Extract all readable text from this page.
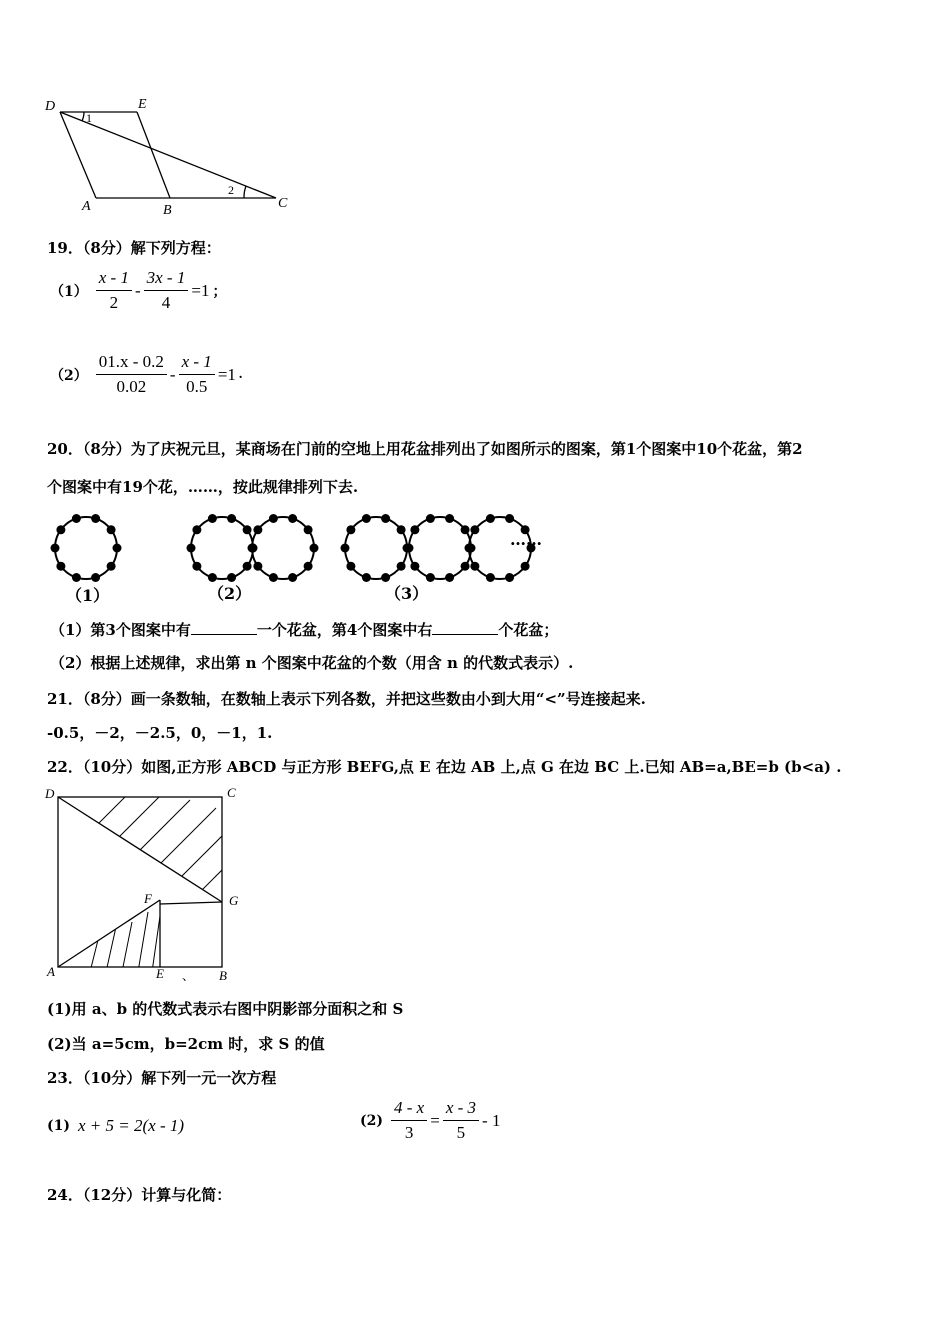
D	E
A	B	C
1
2
19．（8分）解下列方程：
$(1) \frac{x - 1}{2} - \frac{3x - 1}{4} =1$ ；
$(2) \frac{01.x - 0.2}{0.02} - \frac{x - 1}{0.5} =1$ .
20．（8分）为了庆祝元旦，某商场在门前的空地上用花盆排列出了如图所示的图案，第1个图案中10个花盆，第2
个图案中有19个花，……，按此规律排列下去.
……
（1）	（2）	（3）
（1）第3个图案中有	一个花盆，第4个图案中右	个花盆；
（2）根据上述规律，求出第 n 个图案中花盆的个数（用含 n 的代数式表示）.
21．（8分）画一条数轴，在数轴上表示下列各数，并把这些数由小到大用“<”号连接起来.
-0.5，－2，－2.5，0，－1，1.
22．（10分）如图,正方形 ABCD 与正方形 BEFG,点 E 在边 AB 上,点 G 在边 BC 上.已知 AB=a,BE=b (b<a) .
D	C
F	G
A	E	B
、
(1)用 a、b 的代数式表示右图中阴影部分面积之和 S
(2)当 a=5cm，b=2cm 时，求 S 的值
23．（10分）解下列一元一次方程
(1) x + 5 = 2(x - 1)	$(2) \frac{4 - x}{3} = \frac{x - 3}{5} - 1$
24．（12分）计算与化简：
